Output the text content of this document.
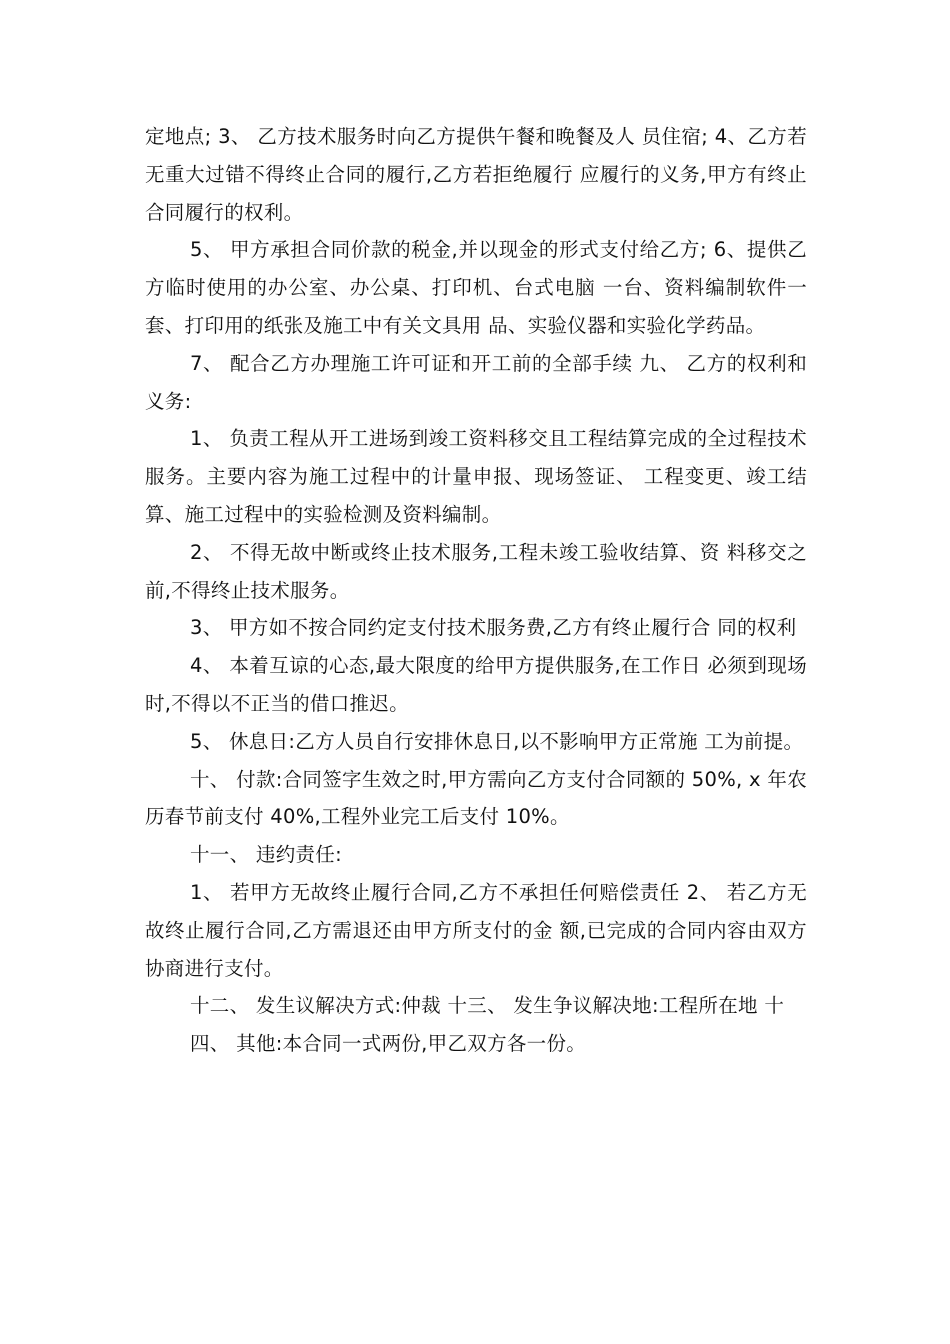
定地点; 3、 乙方技术服务时向乙方提供午餐和晚餐及人 员住宿; 4、乙方若无重大过错不得终止合同的履行,乙方若拒绝履行 应履行的义务,甲方有终止合同履行的权利。

5、 甲方承担合同价款的税金,并以现金的形式支付给乙方; 6、提供乙方临时使用的办公室、办公桌、打印机、台式电脑 一台、资料编制软件一套、打印用的纸张及施工中有关文具用 品、实验仪器和实验化学药品。

7、 配合乙方办理施工许可证和开工前的全部手续 九、 乙方的权利和义务:

1、 负责工程从开工进场到竣工资料移交且工程结算完成的全过程技术服务。主要内容为施工过程中的计量申报、现场签证、 工程变更、竣工结算、施工过程中的实验检测及资料编制。

2、 不得无故中断或终止技术服务,工程未竣工验收结算、资 料移交之前,不得终止技术服务。

3、 甲方如不按合同约定支付技术服务费,乙方有终止履行合 同的权利

4、 本着互谅的心态,最大限度的给甲方提供服务,在工作日 必须到现场时,不得以不正当的借口推迟。

5、 休息日:乙方人员自行安排休息日,以不影响甲方正常施 工为前提。

十、 付款:合同签字生效之时,甲方需向乙方支付合同额的 50%, x 年农历春节前支付 40%,工程外业完工后支付 10%。

十一、 违约责任:

1、 若甲方无故终止履行合同,乙方不承担任何赔偿责任 2、 若乙方无故终止履行合同,乙方需退还由甲方所支付的金 额,已完成的合同内容由双方协商进行支付。

十二、 发生议解决方式:仲裁 十三、 发生争议解决地:工程所在地 十

四、 其他:本合同一式两份,甲乙双方各一份。
